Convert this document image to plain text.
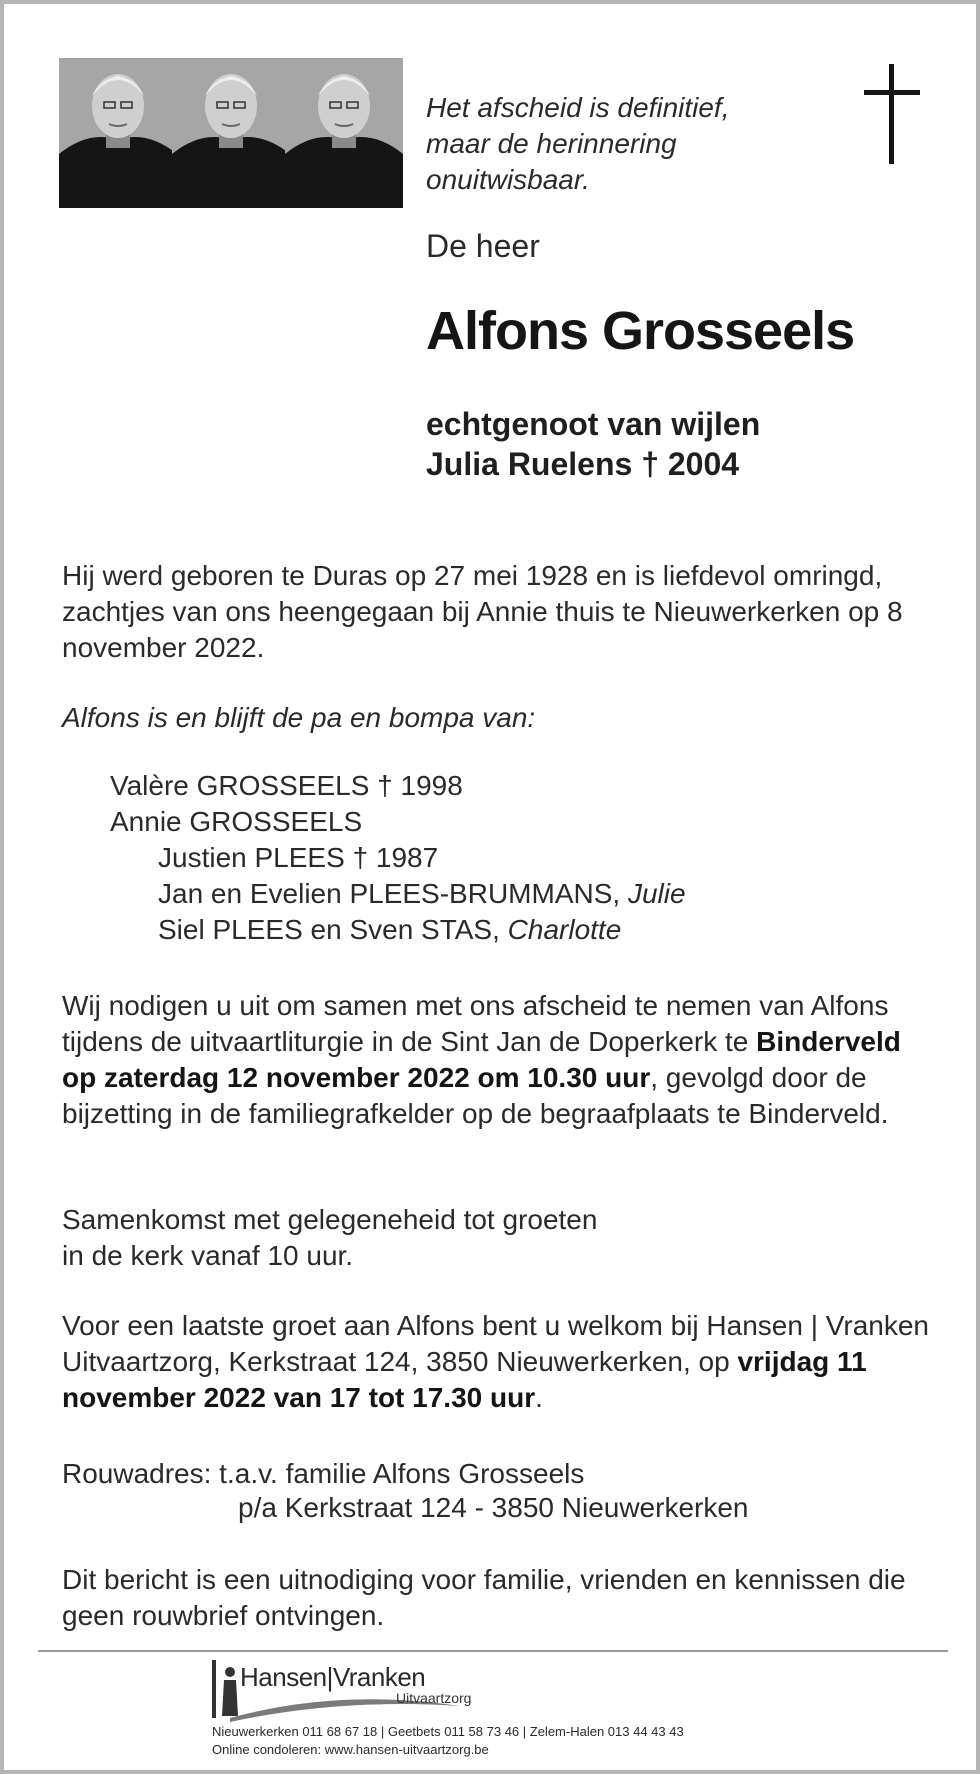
Het afscheid is definitief,
maar de herinnering
onuitwisbaar.
De heer
Alfons Grosseels
echtgenoot van wijlen
Julia Ruelens † 2004
Hij werd geboren te Duras op 27 mei 1928 en is liefdevol omringd, zachtjes van ons heengegaan bij Annie thuis te Nieuwerkerken op 8 november 2022.
Alfons is en blijft de pa en bompa van:
Valère GROSSEELS † 1998
Annie GROSSEELS
Justien PLEES † 1987
Jan en Evelien PLEES-BRUMMANS, Julie
Siel PLEES en Sven STAS, Charlotte
Wij nodigen u uit om samen met ons afscheid te nemen van Alfons tijdens de uitvaartliturgie in de Sint Jan de Doperkerk te Binderveld op zaterdag 12 november 2022 om 10.30 uur, gevolgd door de bijzetting in de familiegrafkelder op de begraafplaats te Binderveld.
Samenkomst met gelegeneheid tot groeten
in de kerk vanaf 10 uur.
Voor een laatste groet aan Alfons bent u welkom bij Hansen | Vranken Uitvaartzorg, Kerkstraat 124, 3850 Nieuwerkerken, op vrijdag 11 november 2022 van 17 tot 17.30 uur.
Rouwadres: t.a.v. familie Alfons Grosseels
p/a Kerkstraat 124 - 3850 Nieuwerkerken
Dit bericht is een uitnodiging voor familie, vrienden en kennissen die geen rouwbrief ontvingen.
Hansen|Vranken
Uitvaartzorg
Nieuwerkerken 011 68 67 18 | Geetbets 011 58 73 46 | Zelem-Halen 013 44 43 43
Online condoleren: www.hansen-uitvaartzorg.be
